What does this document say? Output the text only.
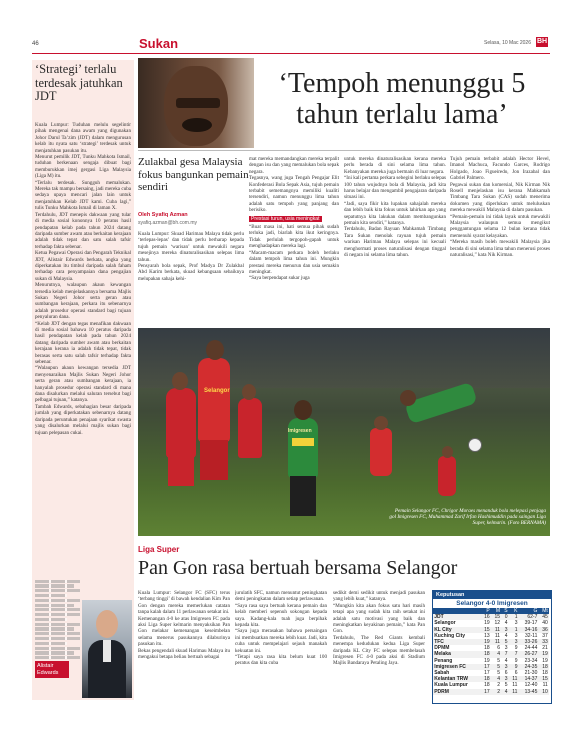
46	Sukan	Selasa, 10 Mac 2026 BH
‘Strategi’ terlalu terdesak jatuhkan JDT

Kuala Lumpur: Tuduhan melulu segelintir pihak mengenai dana awam yang digunakan Johor Darul Ta’zim (JDT) dalam mengurusan kelab itu nyata satu ‘strategi’ terdesak untuk menjatuhkan pasukan itu.

Menurut pemilik JDT, Tunku Mahkota Ismail, tuduhan berkenaan sengaja dibuat bagi memburukkan imej gergasi Liga Malaysia (Liga M) itu.

“Terlalu terdesak. Sungguh memalukan. Mereka tak mampu bersaing, jadi mereka cuba sedaya upaya mencari jalan lain untuk menjatuhkan Kelab JDT kami. Cuba lagi,” tulis Tunku Mahkota Ismail di laman X.

Terdahulu, JDT menepis dakwaan yang tular di media sosial kononnya 10 peratus hasil pendapatan kelab pada tahun 2024 datang daripada sumber awam atau berkaitan kerajaan adalah tidak tepat dan satu salah tafsir terhadap fakta sebenar.

Ketua Pegawai Operasi dan Pengarah Teknikal JDT, Alistair Edwards berkata, angka yang diperkatakan itu timbul daripada salah faham terhadap cara penyampaian dana pengajian sukan di Malaysia.

Menurutnya, walaupun akaun kewangan tersedia kelab menjelaskannya bersama Majlis Sukan Negeri Johor serta geran atau sumbangan kerajaan, perkara itu sebenarnya adalah prosedur operasi standard bagi tujuan penyaluran dana.

“Kelab JDT dengan tegas menafikan dakwaan di media sosial bahawa 10 peratus daripada hasil pendapatan kelab pada tahun 2024 datang daripada sumber awam atau berkaitan kerajaan kerana ia adalah tidak tepat, tidak berasas serta satu salah tafsir terhadap fakta sebenar.

“Walaupun akaun kewangan tersedia JDT menyenaraikan Majlis Sukan Negeri Johor serta geran atau sumbangan kerajaan, ia hanyalah prosedur operasi standard di mana dana disalurkan melalui saluran tersebut bagi pelbagai tujuan,” katanya.

Tambah Edwards, sebahagian besar daripada jumlah yang diperkatakan sebenarnya datang daripada peruntukan penajaan syarikat swasta yang disalurkan melalui majlis sukan bagi tujuan pelepasan cukai.

Alistair Edwards
‘Tempoh menunggu 5 tahun terlalu lama’
Zulakbal gesa Malaysia fokus bangunkan pemain sendiri
Oleh Syafiq Azman
syafiq.azman@bh.com.my

Kuala Lumpur: Skuad Harimau Malaya tidak perlu ‘terlepas-lepas’ dan tidak perlu berharap kepada tujuh pemain ‘warisan’ untuk mewakili negara mesejinya mereka dinaturalisasikan selepas lima tahun.

Pensyarah bola sepak, Prof Madya Dr Zulakbal Abd Karim berkata, skuad kebangsaan sebaiknya melupakan sahaja kehi-

mat mereka memandangkan mereka terpalit dengan isu dan yang memalukan bola sepak negara.

Tegasnya, wang juga Tengah Pengajar Elit Konfederasi Bola Sepak Asia, tujuh pemain terbabit sememangnya memiliki kualiti tersendiri, namun menunggu lima tahun adalah satu tempoh yang panjang dan berisiko.

Prestasi turun, usia meningkat

“Buat masa ini, hati semua pihak sudah terluka jadi, biarlah kita ikut keringnya. Tidak perlulah tergopoh-gapah untuk menghadapkan mereka lagi.

“Macam-macam perkara boleh berlaku dalam tempoh lima tahun ini. Mungkin prestasi mereka menurun dan usia semakin meningkat.

“Saya berpendapat sukar juga

untuk mereka dinaturalisasikan kerana mereka perlu berada di sini selama lima tahun. Kebanyakan mereka juga bermain di luar negara.

“Ini kali pertama perkara sebegini berlaku selepas 100 tahun wujudnya bola di Malaysia, jadi kita harus belajar dan mengambil pengajaran daripada situasi ini.

“Jadi, saya fikir kita lupakan sahajalah mereka dan lebih baik kita fokus untuk lahirkan apa yang sepatutnya kita lakukan dalam membangunkan pemain kita sendiri,” katanya.

Terdahulu, Badan Rayuan Mahkamah Timbang Tara Sukan menolak rayuan tujuh pemain warisan Harimau Malaya selepas ini kecuali menghormati proses naturalisasi dengan tinggal di negara ini selama lima tahun.

Tujuh pemain terbabit adalah Hector Hevel, Imanol Machuca, Facundo Garces, Rodrigo Holgado, Joao Figueiredo, Jon Irazabal dan Gabriel Palmero.

Pegawai sukan dan komersial, Nik Kirman Nik Rosell menjelaskan isu kerana Mahkamah Timbang Tara Sukan (CAS) sudah menerima dokumen yang diperlukan untuk meluluskan mereka mewakili Malaysia di dalam pasukan.

“Pemain-pemain ini tidak layak untuk mewakili Malaysia walaupun semua mengikut penggantungan selama 12 bulan kerana tidak memenuhi syarat kelayakan.

“Mereka masih boleh mewakili Malaysia jika berada di sini selama lima tahun menerusi proses naturalisasi,” kata Nik Kirman.

Selangor
Imigresen
Pemain Selangor FC, Chrigor Moraes menanduk bola melepasi penjaga gol Imigresen FC, Muhammad Zarif Irfan Hashimuddin pada saingan Liga Super, kelmarin. (Foto BERNAMA)
Liga Super
Pan Gon rasa bertuah bersama Selangor

Kuala Lumpur: Selangor FC (SFC) terus ‘terbang tinggi’ di bawah kendalian Kim Pan Gon dengan mereka memerlukan catatan tanpa kalah dalam 11 perlawanan setakat ini.

Kemenangan 4-0 ke atas Imigresen FC pada aksi Liga Super kelmarin menyaksikan Pan Gon melakar kemenangan keseimbelan selama menerus pasukannya dilaburinya pasukan itu.

Bekas pengendali skuad Harimau Malaya itu mengakui betapa beliau bertuah sebagai

jurulatih SFC, namun menuntut peningkatan demi peningkatan dalam setiap perlawanan.

“Saya rasa saya bertuah kerana pemain dan kelab memberi sepenuh sokongan kepada saya. Kadang-kala tuah juga berpihak kepada kita.

“Saya juga merasakan bahawa persaingan ini membuatkan mereka lebih kuat. Jadi, kita cuba untuk mempelajari sejauh manakah kekuatan ini.

“Tetapi saya rasa kita belum kuat 100 peratus dan kita cuba

sedikit demi sedikit untuk menjadi pasukan yang lebih kuat,” katanya.

“Mungkin kita akan fokus satu hari masih tetapi apa yang sudah kita raih setakat ini adalah satu motivasi yang baik dan meningkatkan keyakinan pemain,” kata Pan Gon.

Terdahulu, The Red Giants kembali menempa kedudukan kedua Liga Super daripada KL City FC selepas membelasah Imigresen FC 4-0 pada aksi di Stadium Majlis Bandaraya Petaling Jaya.

Keputusan
Selangor 4-0 Imigresen
	P	M	S	K	G	Mt
JDT	16	15	0	1	62-7	45
Selangor	19	12	4	3	39-17	40
KL City	15	11	3	1	34-16	36
Kuching City	13	11	4	3	32-11	37
TFC	19	11	5	3	33-26	33
DPMM	18	6	3	9	24-44	21
Melaka	18	4	7	7	26-27	19
Penang	19	5	4	9	23-34	19
Imigresen FC	17	5	3	9	24-35	18
Sabah	17	5	6	6	21-30	18
Kelantan TRW	18	4	3	11	14-37	15
Kuala Lumpur	18	2	5	11	12-40	11
PDRM	17	2	4	11	13-45	10
